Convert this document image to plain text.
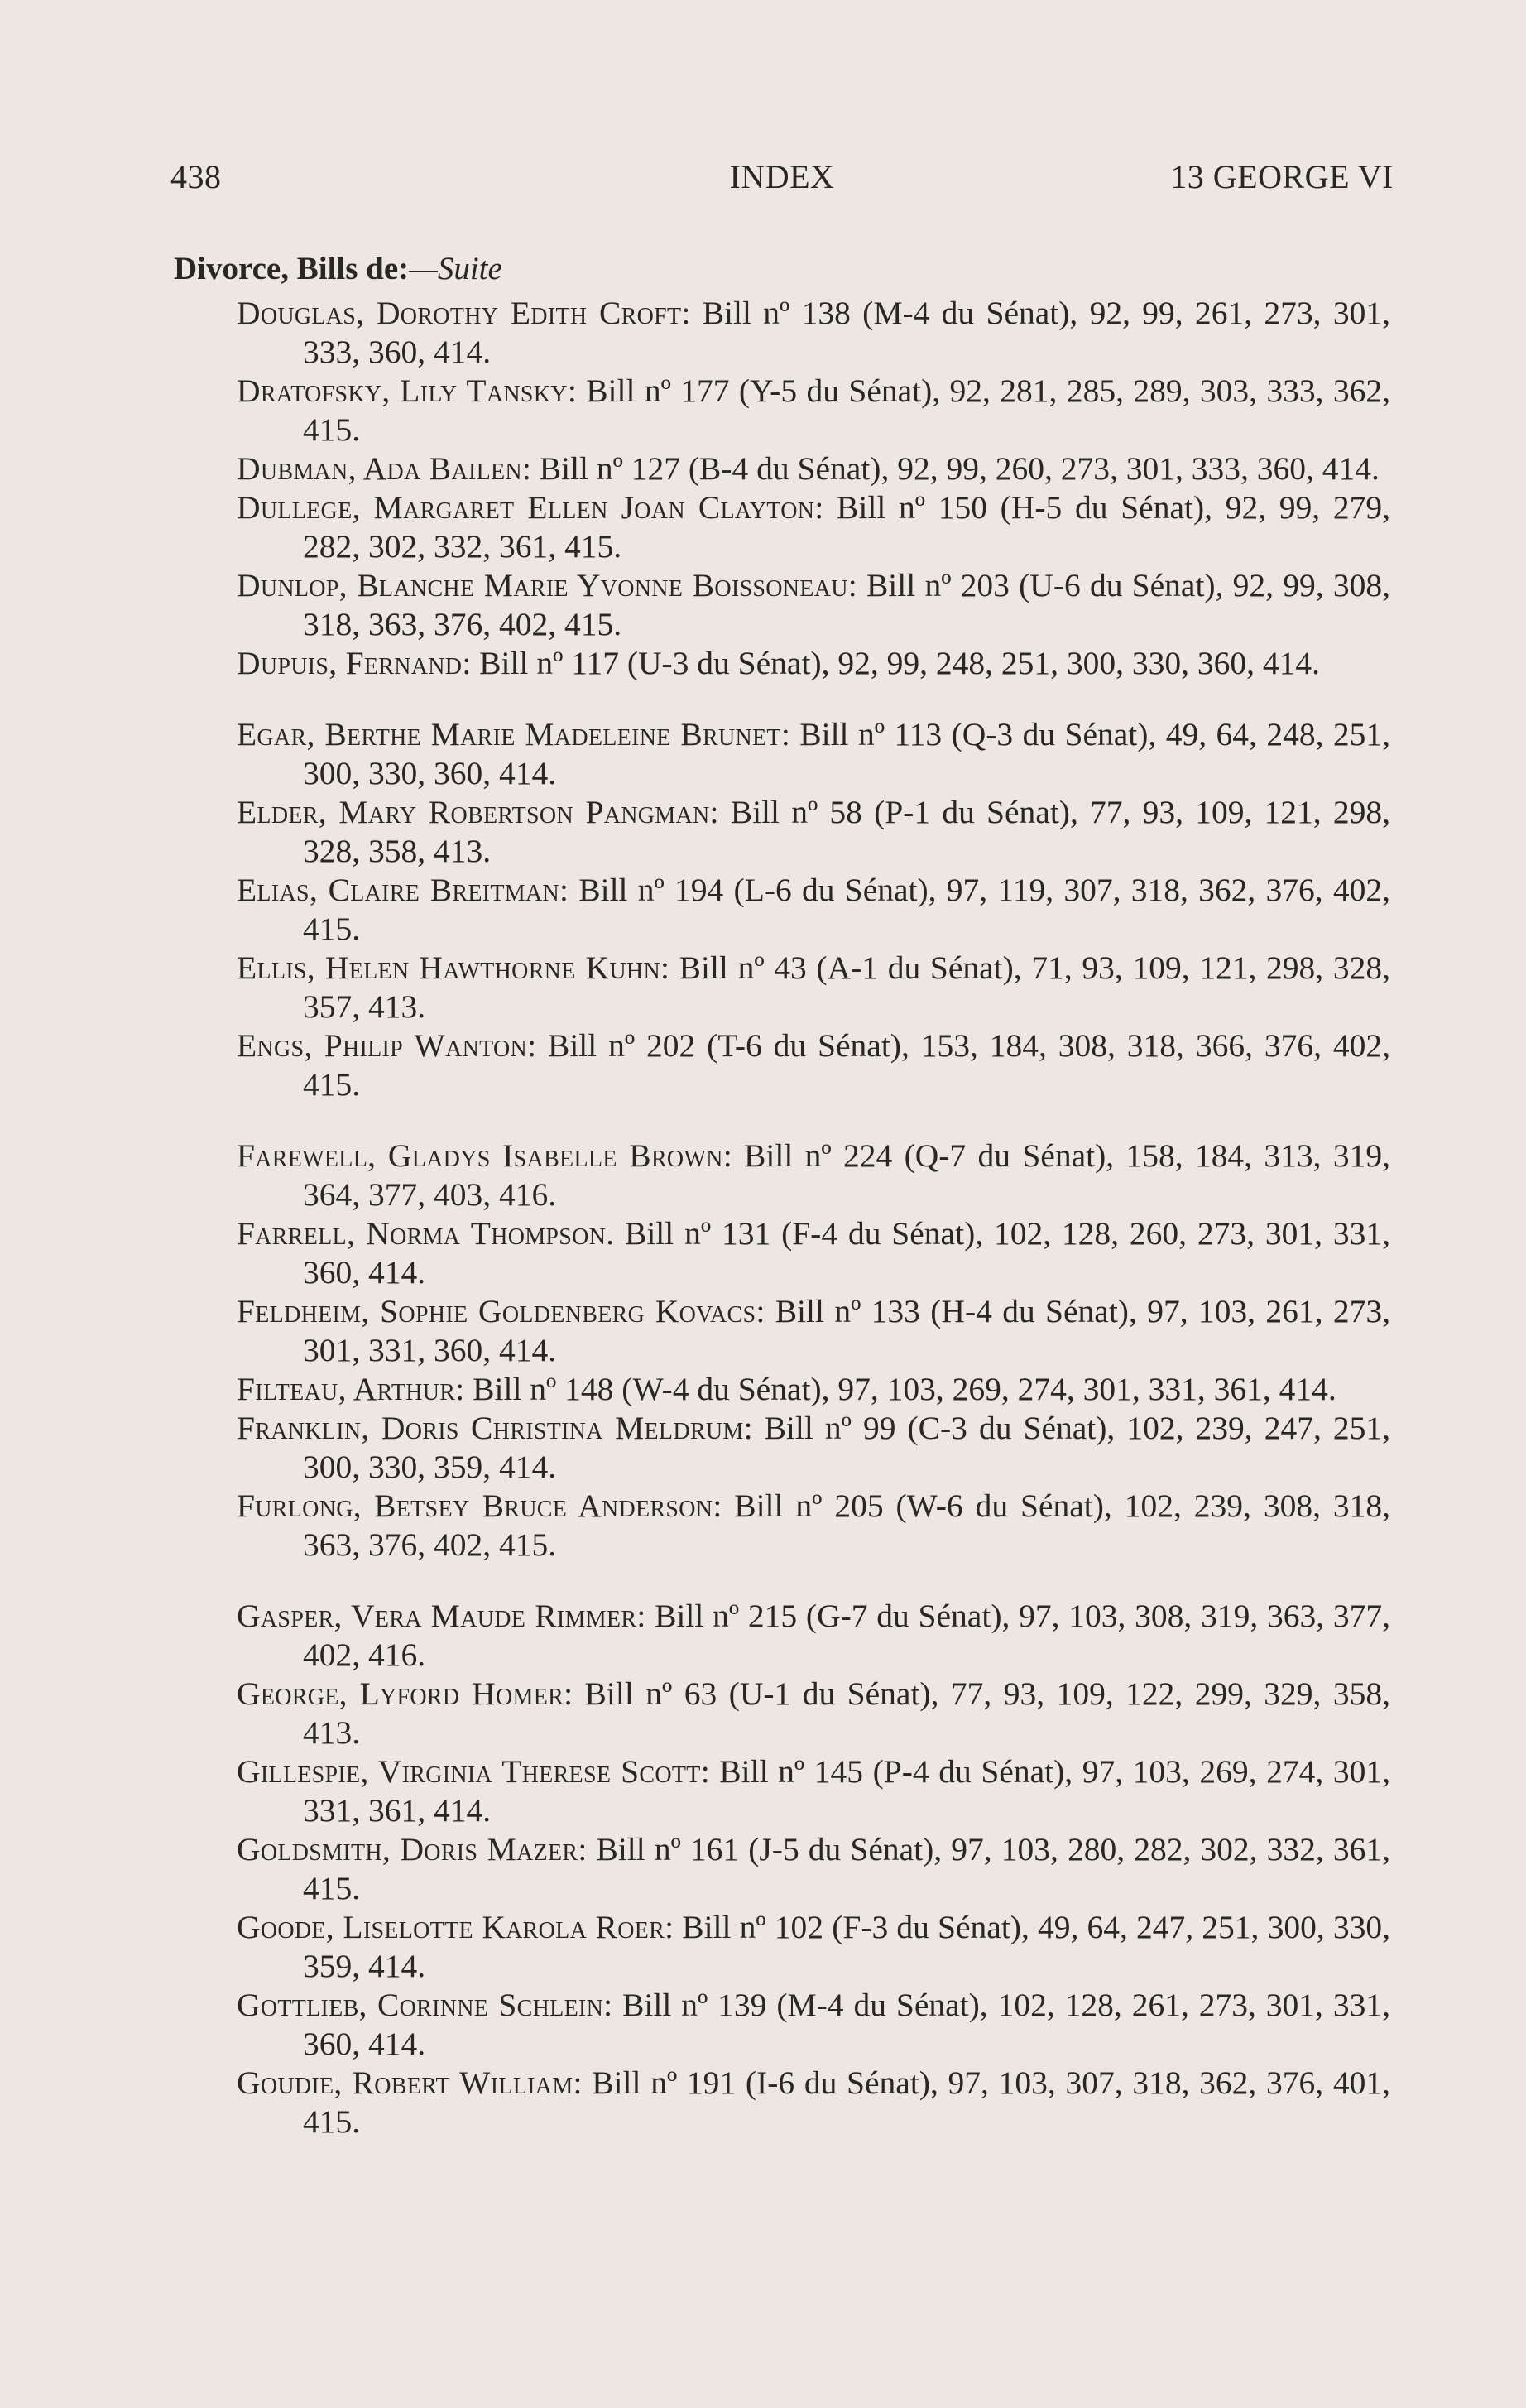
438	INDEX	13 GEORGE VI
Divorce, Bills de:—Suite

Douglas, Dorothy Edith Croft: Bill nº 138 (M-4 du Sénat), 92, 99, 261, 273, 301, 333, 360, 414.

Dratofsky, Lily Tansky: Bill nº 177 (Y-5 du Sénat), 92, 281, 285, 289, 303, 333, 362, 415.

Dubman, Ada Bailen: Bill nº 127 (B-4 du Sénat), 92, 99, 260, 273, 301, 333, 360, 414.

Dullege, Margaret Ellen Joan Clayton: Bill nº 150 (H-5 du Sénat), 92, 99, 279, 282, 302, 332, 361, 415.

Dunlop, Blanche Marie Yvonne Boissoneau: Bill nº 203 (U-6 du Sénat), 92, 99, 308, 318, 363, 376, 402, 415.

Dupuis, Fernand: Bill nº 117 (U-3 du Sénat), 92, 99, 248, 251, 300, 330, 360, 414.

Egar, Berthe Marie Madeleine Brunet: Bill nº 113 (Q-3 du Sénat), 49, 64, 248, 251, 300, 330, 360, 414.

Elder, Mary Robertson Pangman: Bill nº 58 (P-1 du Sénat), 77, 93, 109, 121, 298, 328, 358, 413.

Elias, Claire Breitman: Bill nº 194 (L-6 du Sénat), 97, 119, 307, 318, 362, 376, 402, 415.

Ellis, Helen Hawthorne Kuhn: Bill nº 43 (A-1 du Sénat), 71, 93, 109, 121, 298, 328, 357, 413.

Engs, Philip Wanton: Bill nº 202 (T-6 du Sénat), 153, 184, 308, 318, 366, 376, 402, 415.

Farewell, Gladys Isabelle Brown: Bill nº 224 (Q-7 du Sénat), 158, 184, 313, 319, 364, 377, 403, 416.

Farrell, Norma Thompson. Bill nº 131 (F-4 du Sénat), 102, 128, 260, 273, 301, 331, 360, 414.

Feldheim, Sophie Goldenberg Kovacs: Bill nº 133 (H-4 du Sénat), 97, 103, 261, 273, 301, 331, 360, 414.

Filteau, Arthur: Bill nº 148 (W-4 du Sénat), 97, 103, 269, 274, 301, 331, 361, 414.

Franklin, Doris Christina Meldrum: Bill nº 99 (C-3 du Sénat), 102, 239, 247, 251, 300, 330, 359, 414.

Furlong, Betsey Bruce Anderson: Bill nº 205 (W-6 du Sénat), 102, 239, 308, 318, 363, 376, 402, 415.

Gasper, Vera Maude Rimmer: Bill nº 215 (G-7 du Sénat), 97, 103, 308, 319, 363, 377, 402, 416.

George, Lyford Homer: Bill nº 63 (U-1 du Sénat), 77, 93, 109, 122, 299, 329, 358, 413.

Gillespie, Virginia Therese Scott: Bill nº 145 (P-4 du Sénat), 97, 103, 269, 274, 301, 331, 361, 414.

Goldsmith, Doris Mazer: Bill nº 161 (J-5 du Sénat), 97, 103, 280, 282, 302, 332, 361, 415.

Goode, Liselotte Karola Roer: Bill nº 102 (F-3 du Sénat), 49, 64, 247, 251, 300, 330, 359, 414.

Gottlieb, Corinne Schlein: Bill nº 139 (M-4 du Sénat), 102, 128, 261, 273, 301, 331, 360, 414.

Goudie, Robert William: Bill nº 191 (I-6 du Sénat), 97, 103, 307, 318, 362, 376, 401, 415.
